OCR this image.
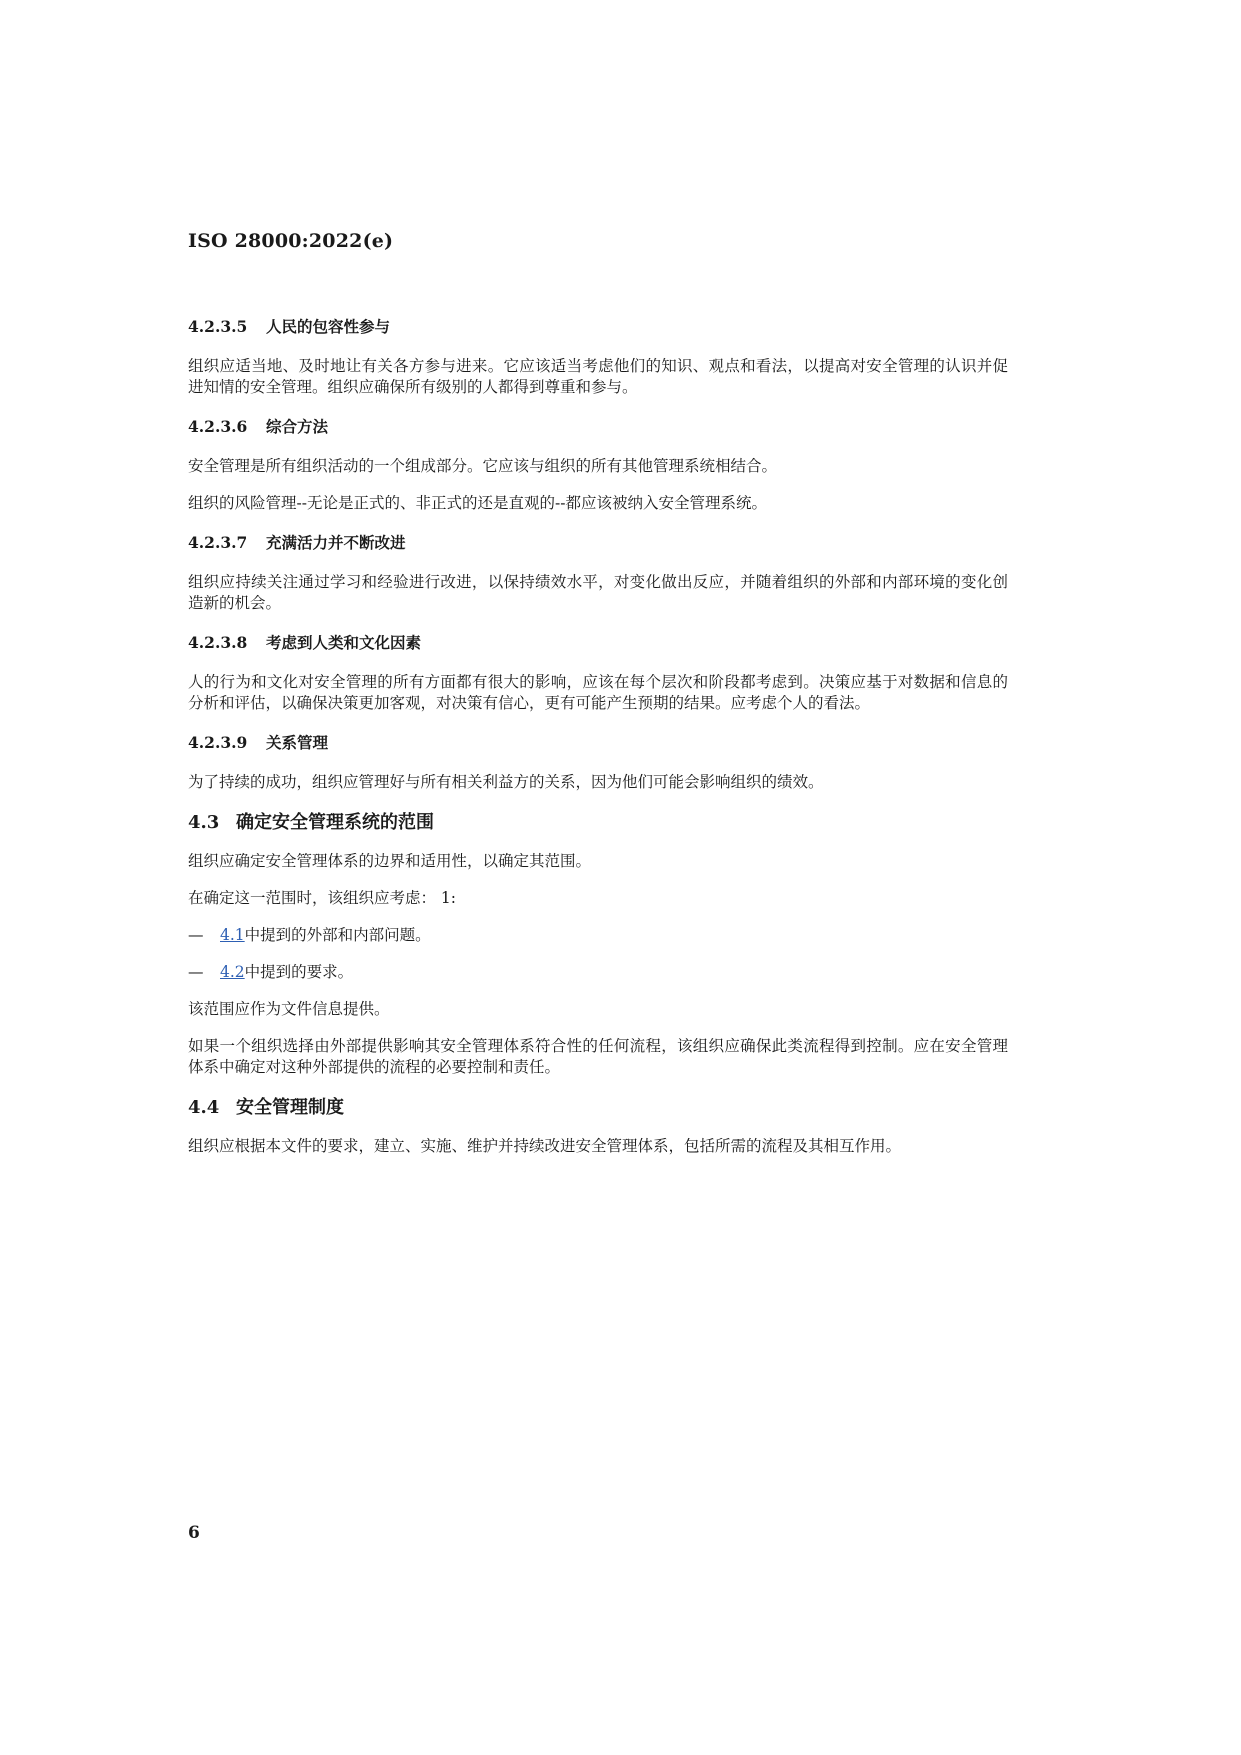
ISO 28000:2022(e)
4.2.3.5 人民的包容性参与

组织应适当地、及时地让有关各方参与进来。它应该适当考虑他们的知识、观点和看法，以提高对安全管理的认识并促进知情的安全管理。组织应确保所有级别的人都得到尊重和参与。

4.2.3.6 综合方法

安全管理是所有组织活动的一个组成部分。它应该与组织的所有其他管理系统相结合。

组织的风险管理--无论是正式的、非正式的还是直观的--都应该被纳入安全管理系统。

4.2.3.7 充满活力并不断改进

组织应持续关注通过学习和经验进行改进，以保持绩效水平，对变化做出反应，并随着组织的外部和内部环境的变化创造新的机会。

4.2.3.8 考虑到人类和文化因素

人的行为和文化对安全管理的所有方面都有很大的影响，应该在每个层次和阶段都考虑到。决策应基于对数据和信息的分析和评估，以确保决策更加客观，对决策有信心，更有可能产生预期的结果。应考虑个人的看法。

4.2.3.9 关系管理

为了持续的成功，组织应管理好与所有相关利益方的关系，因为他们可能会影响组织的绩效。

4.3 确定安全管理系统的范围

组织应确定安全管理体系的边界和适用性，以确定其范围。

在确定这一范围时，该组织应考虑： 1:

— 4.1中提到的外部和内部问题。
— 4.2中提到的要求。

该范围应作为文件信息提供。

如果一个组织选择由外部提供影响其安全管理体系符合性的任何流程，该组织应确保此类流程得到控制。应在安全管理体系中确定对这种外部提供的流程的必要控制和责任。

4.4 安全管理制度

组织应根据本文件的要求，建立、实施、维护并持续改进安全管理体系，包括所需的流程及其相互作用。

6
